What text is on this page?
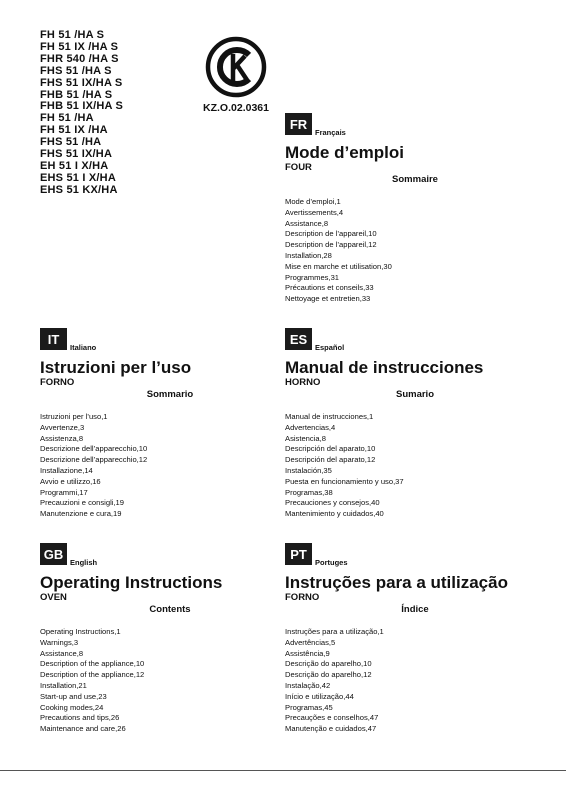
FH 51 /HA S
FH 51 IX /HA S
FHR 540 /HA S
FHS 51 /HA S
FHS 51 IX/HA S
FHB 51 /HA S
FHB 51 IX/HA S
FH 51 /HA
FH 51 IX /HA
FHS 51 /HA
FHS 51 IX/HA
EH 51 I X/HA
EHS 51 I X/HA
EHS 51 KX/HA
KZ.O.02.0361
FR
Français
Mode d’emploi
FOUR
Sommaire
Mode d’emploi,1
Avertissements,4
Assistance,8
Description de l’appareil,10
Description de l’appareil,12
Installation,28
Mise en marche et utilisation,30
Programmes,31
Précautions et conseils,33
Nettoyage et entretien,33
IT
Italiano
Istruzioni per l’uso
FORNO
Sommario
Istruzioni per l’uso,1
Avvertenze,3
Assistenza,8
Descrizione dell’apparecchio,10
Descrizione dell’apparecchio,12
Installazione,14
Avvio e utilizzo,16
Programmi,17
Precauzioni e consigli,19
Manutenzione e cura,19
ES
Español
Manual de instrucciones
HORNO
Sumario
Manual de instrucciones,1
Advertencias,4
Asistencia,8
Descripción del aparato,10
Descripción del aparato,12
Instalación,35
Puesta en funcionamiento y uso,37
Programas,38
Precauciones y consejos,40
Mantenimiento y cuidados,40
GB
English
Operating Instructions
OVEN
Contents
Operating Instructions,1
Warnings,3
Assistance,8
Description of the appliance,10
Description of the appliance,12
Installation,21
Start-up and use,23
Cooking modes,24
Precautions and tips,26
Maintenance and care,26
PT
Portuges
Instruções para a utilização
FORNO
Índice
Instruções para a utilização,1
Advertências,5
Assistência,9
Descrição do aparelho,10
Descrição do aparelho,12
Instalação,42
Início e utilização,44
Programas,45
Precauções e conselhos,47
Manutenção e cuidados,47
